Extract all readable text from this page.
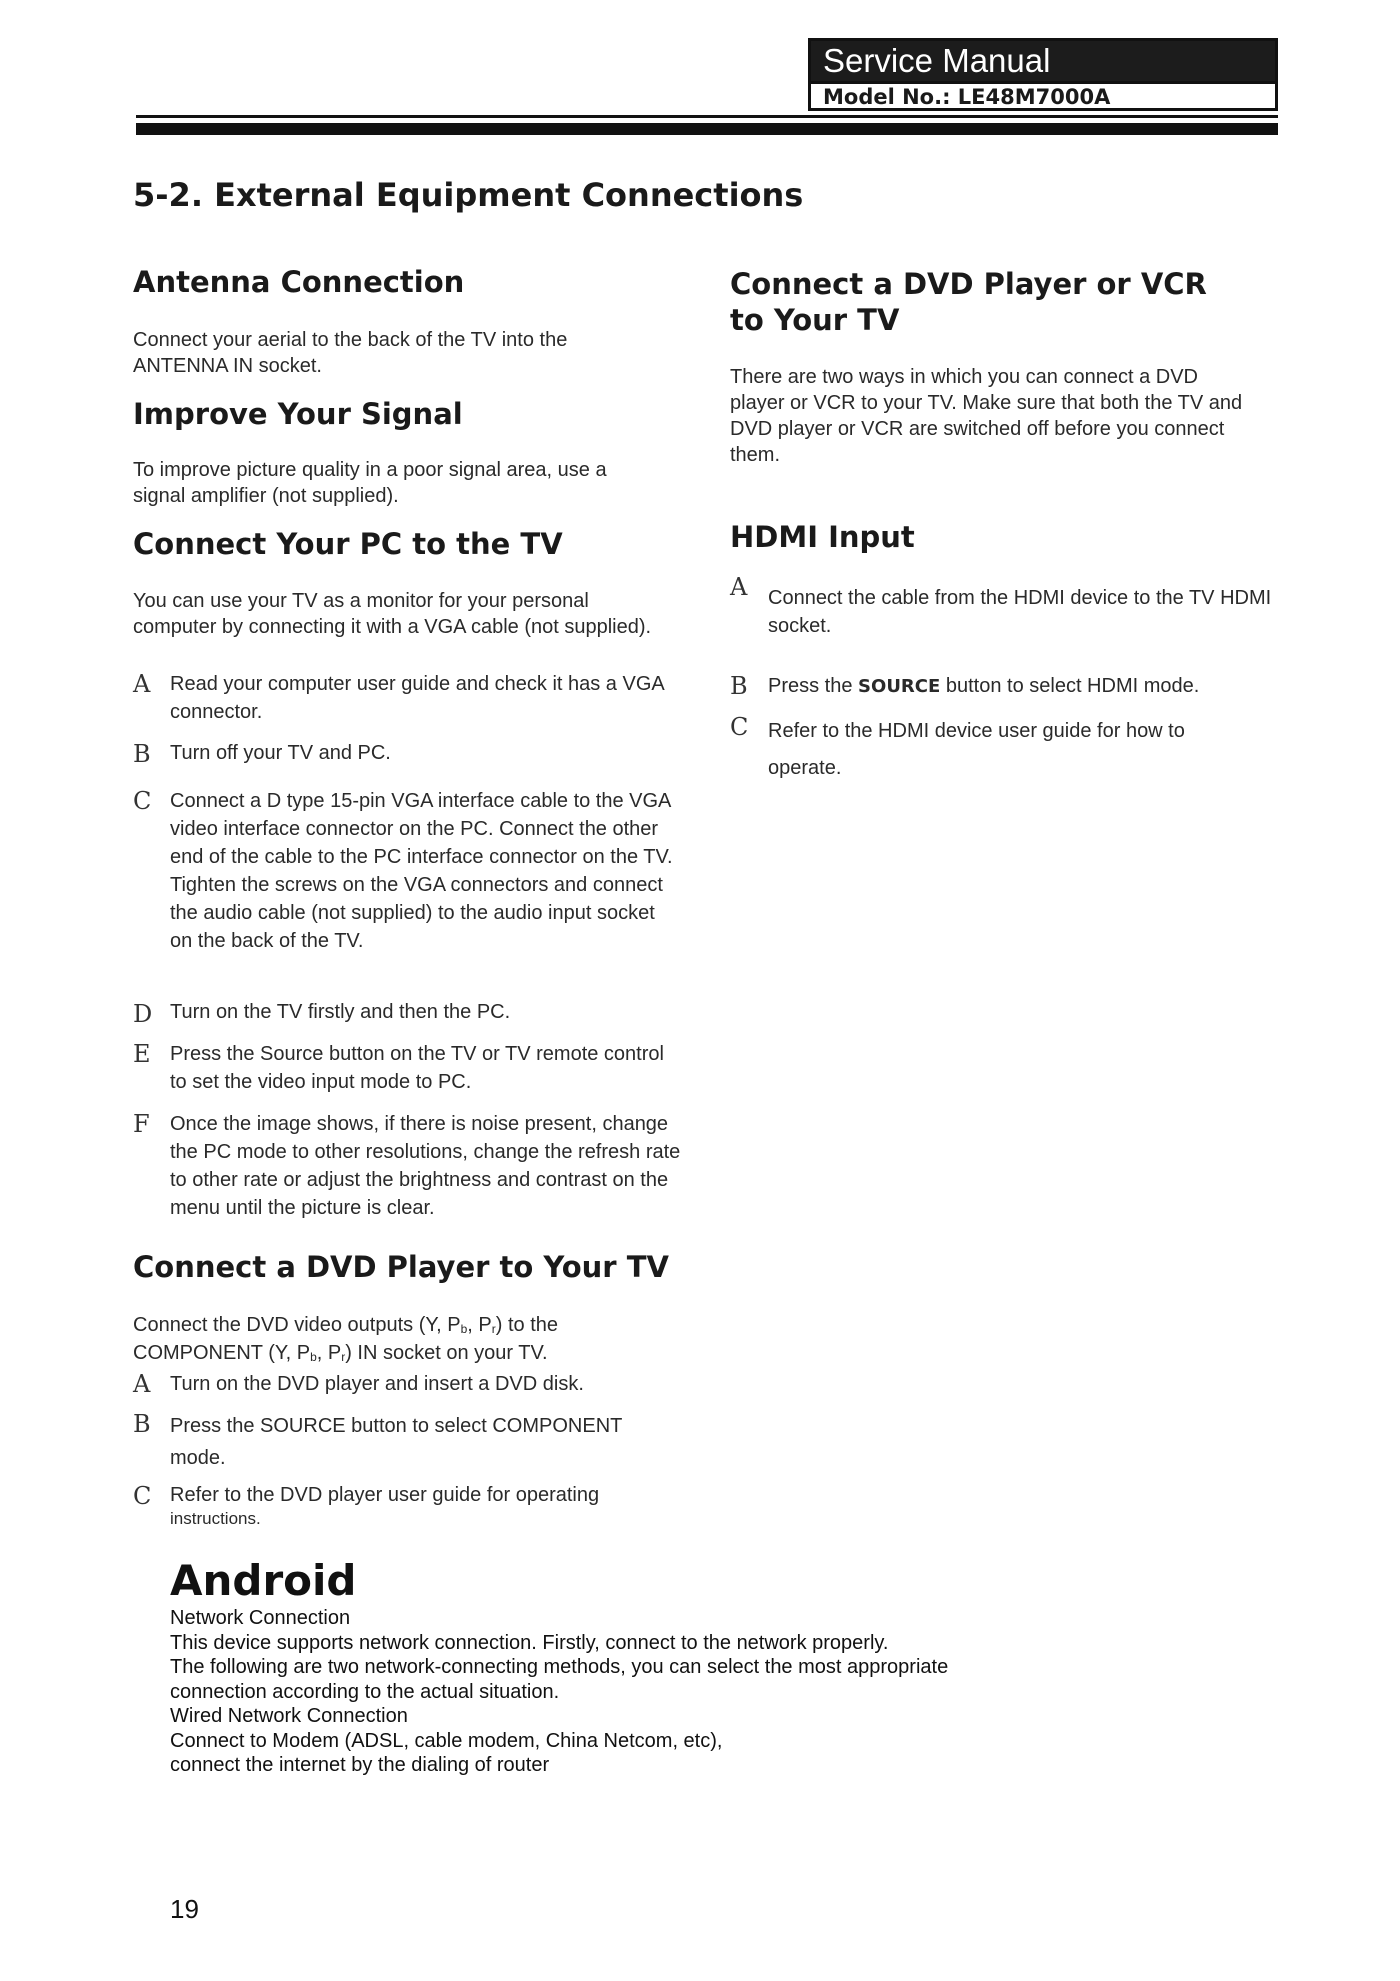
Service Manual
Model No.: LE48M7000A
5-2. External Equipment Connections
Antenna Connection
Connect your aerial to the back of the TV into the ANTENNA IN socket.
Improve Your Signal
To improve picture quality in a poor signal area, use a signal amplifier (not supplied).
Connect Your PC to the TV
You can use your TV as a monitor for your personal computer by connecting it with a VGA cable (not supplied).
A Read your computer user guide and check it has a VGA connector.
B Turn off your TV and PC.
C Connect a D type 15-pin VGA interface cable to the VGA video interface connector on the PC. Connect the other end of the cable to the PC interface connector on the TV. Tighten the screws on the VGA connectors and connect the audio cable (not supplied) to the audio input socket on the back of the TV.
D Turn on the TV firstly and then the PC.
E Press the Source button on the TV or TV remote control to set the video input mode to PC.
F Once the image shows, if there is noise present, change the PC mode to other resolutions, change the refresh rate to other rate or adjust the brightness and contrast on the menu until the picture is clear.
Connect a DVD Player to Your TV
Connect the DVD video outputs (Y, $P_b$, $P_r$) to the
COMPONENT (Y, $P_b$, $P_r$) IN socket on your TV.
A Turn on the DVD player and insert a DVD disk.
B Press the SOURCE button to select COMPONENT mode.
C Refer to the DVD player user guide for operating
instructions.
Connect a DVD Player or VCR to Your TV
There are two ways in which you can connect a DVD player or VCR to your TV. Make sure that both the TV and DVD player or VCR are switched off before you connect them.
HDMI Input
A Connect the cable from the HDMI device to the TV HDMI socket.
B Press the SOURCE button to select HDMI mode.
C Refer to the HDMI device user guide for how to operate.
Android
Network Connection
This device supports network connection. Firstly, connect to the network properly.
The following are two network-connecting methods, you can select the most appropriate
connection according to the actual situation.
Wired Network Connection
Connect to Modem (ADSL, cable modem, China Netcom, etc),
connect the internet by the dialing of router
19
